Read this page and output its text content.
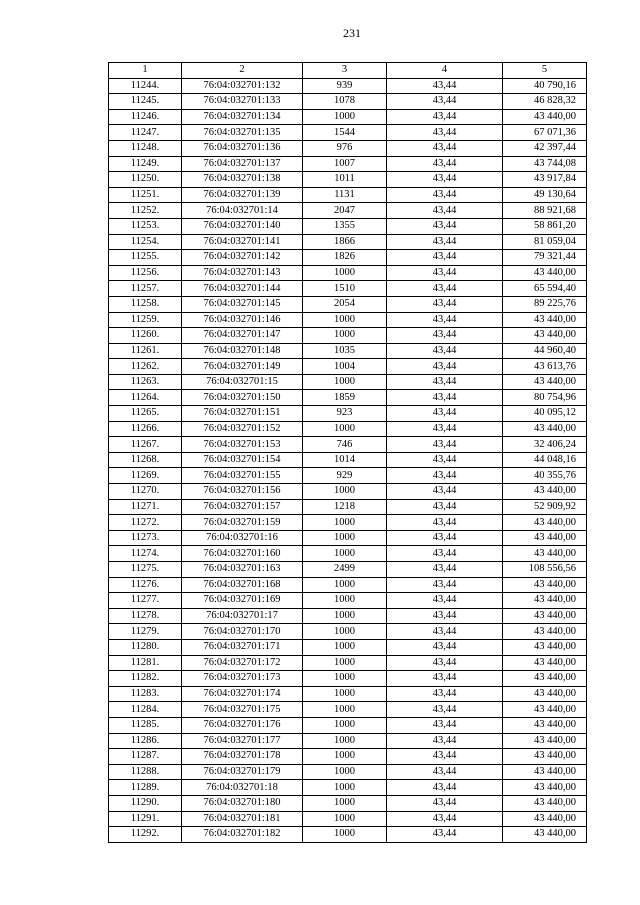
231
1	2	3	4	5
11244.	76:04:032701:132	939	43,44	40 790,16
11245.	76:04:032701:133	1078	43,44	46 828,32
11246.	76:04:032701:134	1000	43,44	43 440,00
11247.	76:04:032701:135	1544	43,44	67 071,36
11248.	76:04:032701:136	976	43,44	42 397,44
11249.	76:04:032701:137	1007	43,44	43 744,08
11250.	76:04:032701:138	1011	43,44	43 917,84
11251.	76:04:032701:139	1131	43,44	49 130,64
11252.	76:04:032701:14	2047	43,44	88 921,68
11253.	76:04:032701:140	1355	43,44	58 861,20
11254.	76:04:032701:141	1866	43,44	81 059,04
11255.	76:04:032701:142	1826	43,44	79 321,44
11256.	76:04:032701:143	1000	43,44	43 440,00
11257.	76:04:032701:144	1510	43,44	65 594,40
11258.	76:04:032701:145	2054	43,44	89 225,76
11259.	76:04:032701:146	1000	43,44	43 440,00
11260.	76:04:032701:147	1000	43,44	43 440,00
11261.	76:04:032701:148	1035	43,44	44 960,40
11262.	76:04:032701:149	1004	43,44	43 613,76
11263.	76:04:032701:15	1000	43,44	43 440,00
11264.	76:04:032701:150	1859	43,44	80 754,96
11265.	76:04:032701:151	923	43,44	40 095,12
11266.	76:04:032701:152	1000	43,44	43 440,00
11267.	76:04:032701:153	746	43,44	32 406,24
11268.	76:04:032701:154	1014	43,44	44 048,16
11269.	76:04:032701:155	929	43,44	40 355,76
11270.	76:04:032701:156	1000	43,44	43 440,00
11271.	76:04:032701:157	1218	43,44	52 909,92
11272.	76:04:032701:159	1000	43,44	43 440,00
11273.	76:04:032701:16	1000	43,44	43 440,00
11274.	76:04:032701:160	1000	43,44	43 440,00
11275.	76:04:032701:163	2499	43,44	108 556,56
11276.	76:04:032701:168	1000	43,44	43 440,00
11277.	76:04:032701:169	1000	43,44	43 440,00
11278.	76:04:032701:17	1000	43,44	43 440,00
11279.	76:04:032701:170	1000	43,44	43 440,00
11280.	76:04:032701:171	1000	43,44	43 440,00
11281.	76:04:032701:172	1000	43,44	43 440,00
11282.	76:04:032701:173	1000	43,44	43 440,00
11283.	76:04:032701:174	1000	43,44	43 440,00
11284.	76:04:032701:175	1000	43,44	43 440,00
11285.	76:04:032701:176	1000	43,44	43 440,00
11286.	76:04:032701:177	1000	43,44	43 440,00
11287.	76:04:032701:178	1000	43,44	43 440,00
11288.	76:04:032701:179	1000	43,44	43 440,00
11289.	76:04:032701:18	1000	43,44	43 440,00
11290.	76:04:032701:180	1000	43,44	43 440,00
11291.	76:04:032701:181	1000	43,44	43 440,00
11292.	76:04:032701:182	1000	43,44	43 440,00
